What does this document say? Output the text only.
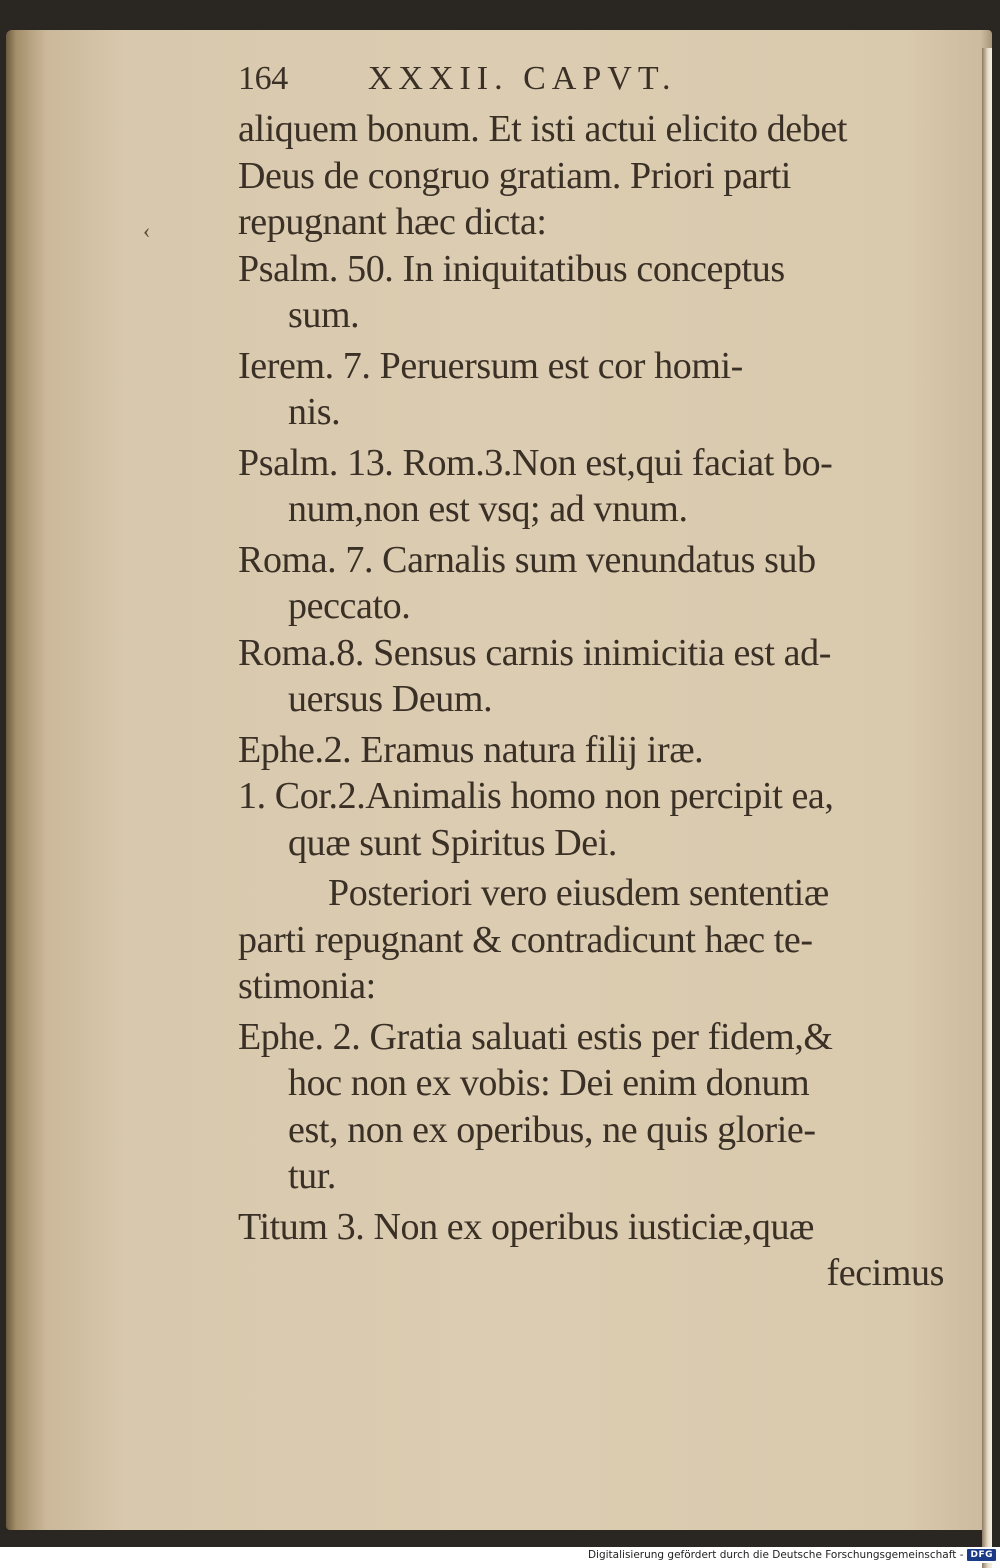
‹
164 XXXII. CAPVT.
aliquem bonum. Et isti actui elicito debet
Deus de congruo gratiam. Priori parti
repugnant hæc dicta:
Psalm. 50. In iniquitatibus conceptus
sum.
Ierem. 7. Peruersum est cor homi-
nis.
Psalm. 13. Rom.3.Non est,qui faciat bo-
num,non est vsq; ad vnum.
Roma. 7. Carnalis sum venundatus sub
peccato.
Roma.8. Sensus carnis inimicitia est ad-
uersus Deum.
Ephe.2. Eramus natura filij iræ.
1. Cor.2.Animalis homo non percipit ea,
quæ sunt Spiritus Dei.
Posteriori vero eiusdem sententiæ
parti repugnant & contradicunt hæc te-
stimonia:
Ephe. 2. Gratia saluati estis per fidem,&
hoc non ex vobis: Dei enim donum
est, non ex operibus, ne quis glorie-
tur.
Titum 3. Non ex operibus iusticiæ,quæ
fecimus
Digitalisierung gefördert durch die Deutsche Forschungsgemeinschaft - DFG
